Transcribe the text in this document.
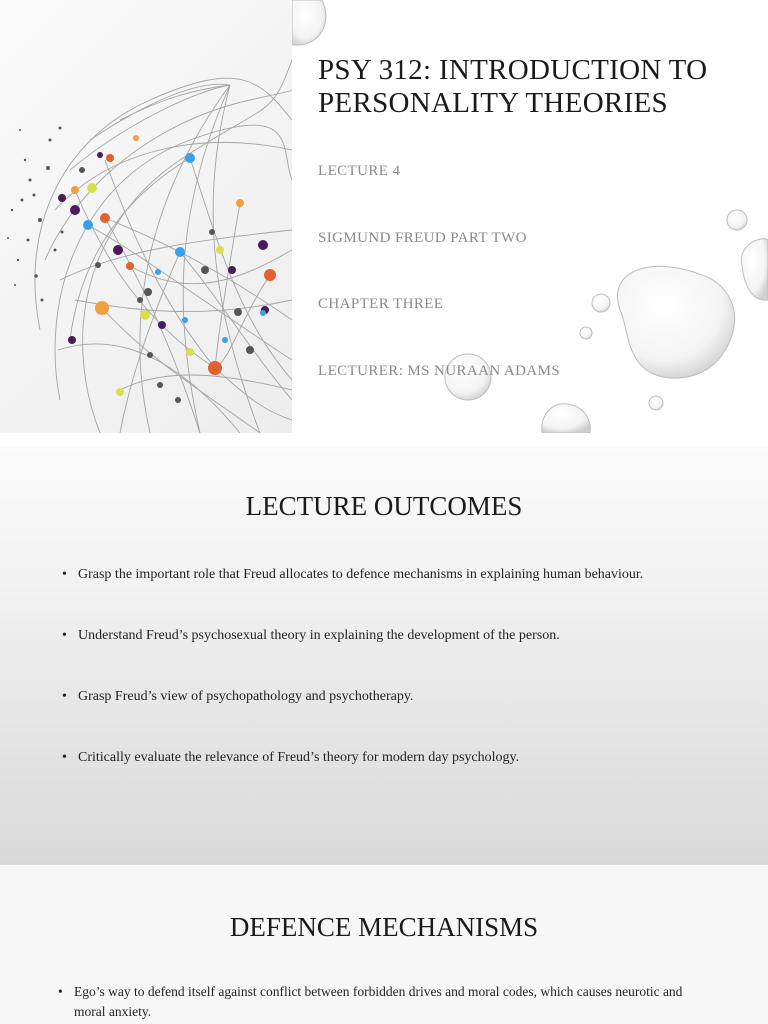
PSY 312: INTRODUCTION TO PERSONALITY THEORIES
LECTURE 4
SIGMUND FREUD PART TWO
CHAPTER THREE
LECTURER: MS NURAAN ADAMS
LECTURE OUTCOMES
• Grasp the important role that Freud allocates to defence mechanisms in explaining human behaviour.
• Understand Freud’s psychosexual theory in explaining the development of the person.
• Grasp Freud’s view of psychopathology and psychotherapy.
• Critically evaluate the relevance of Freud’s theory for modern day psychology.
DEFENCE MECHANISMS
• Ego’s way to defend itself against conflict between forbidden drives and moral codes, which causes neurotic and moral anxiety.
